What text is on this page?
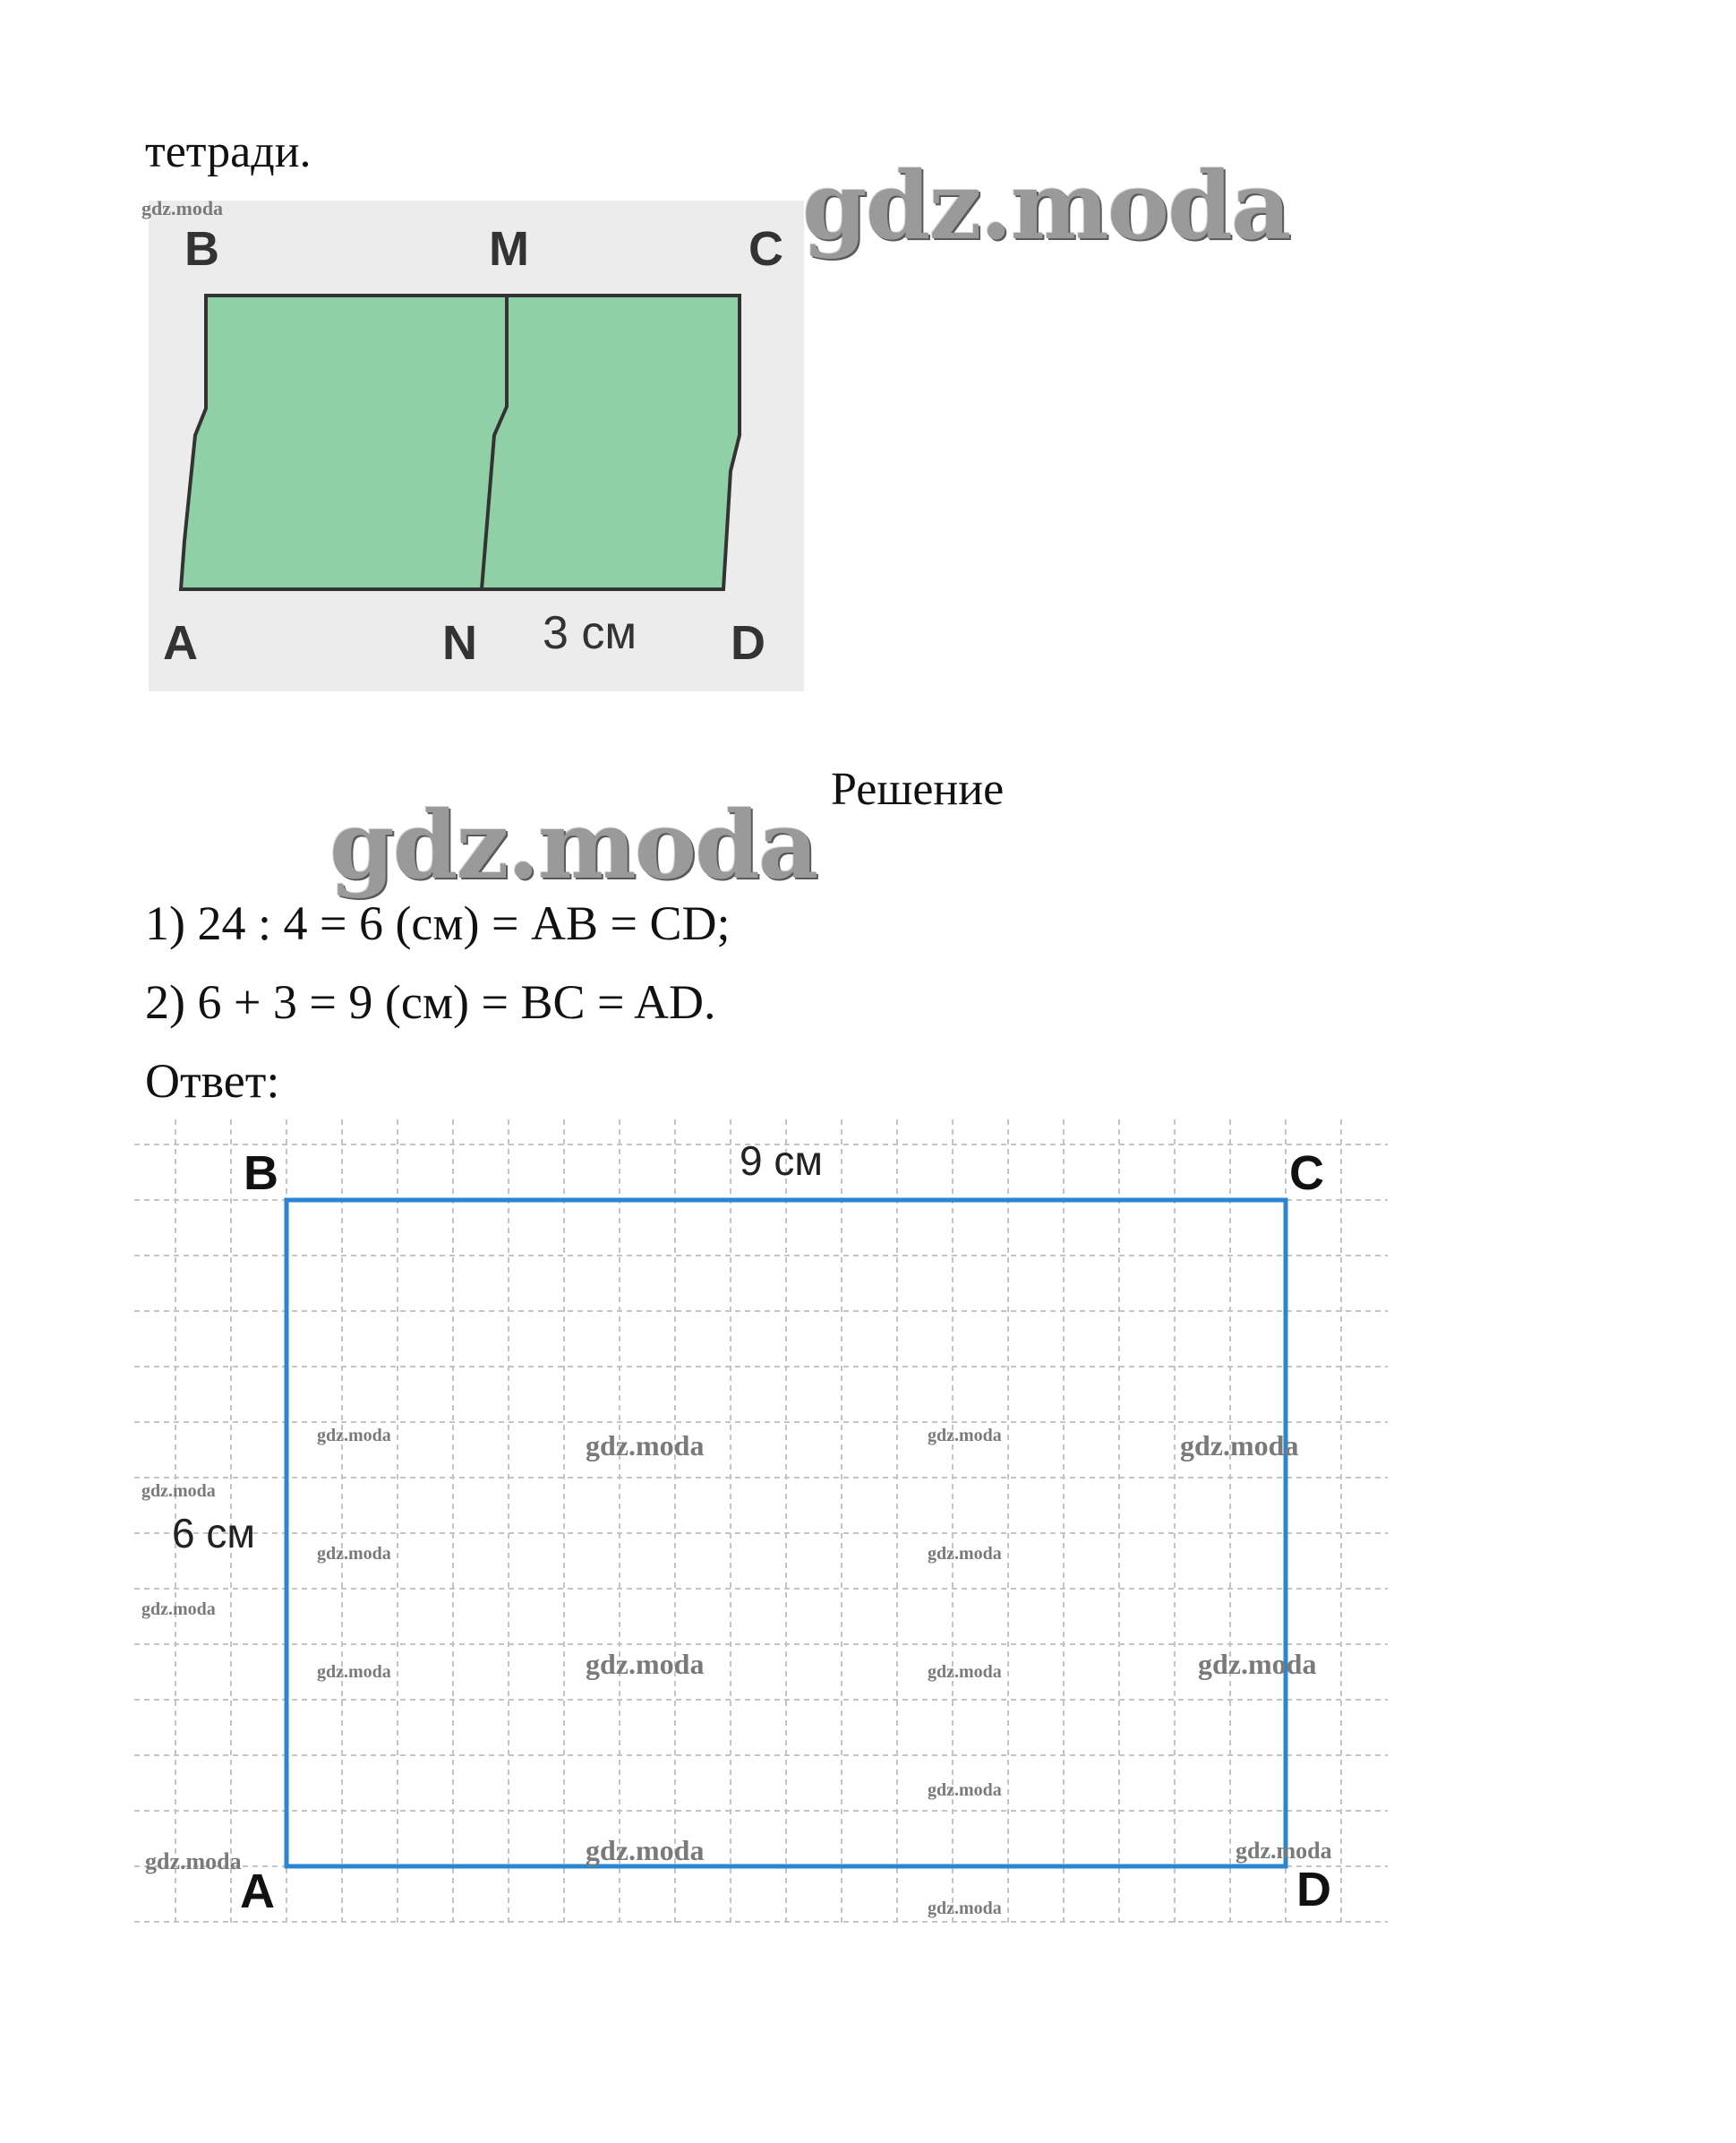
тетради.
B	M	C
A	N 3 см D
gdz.moda	gdz.moda
gdz.moda
Решение
1) 24 : 4 = 6 (см) = AB = CD;
2) 6 + 3 = 9 (см) = BC = AD.
Ответ:
B	C
A	D
9 см
6 см
gdz.moda
gdz.moda
gdz.moda
gdz.moda
gdz.moda
gdz.moda
gdz.moda
gdz.moda
gdz.moda
gdz.moda
gdz.moda
gdz.moda
gdz.moda
gdz.moda
gdz.moda
gdz.moda
gdz.moda
